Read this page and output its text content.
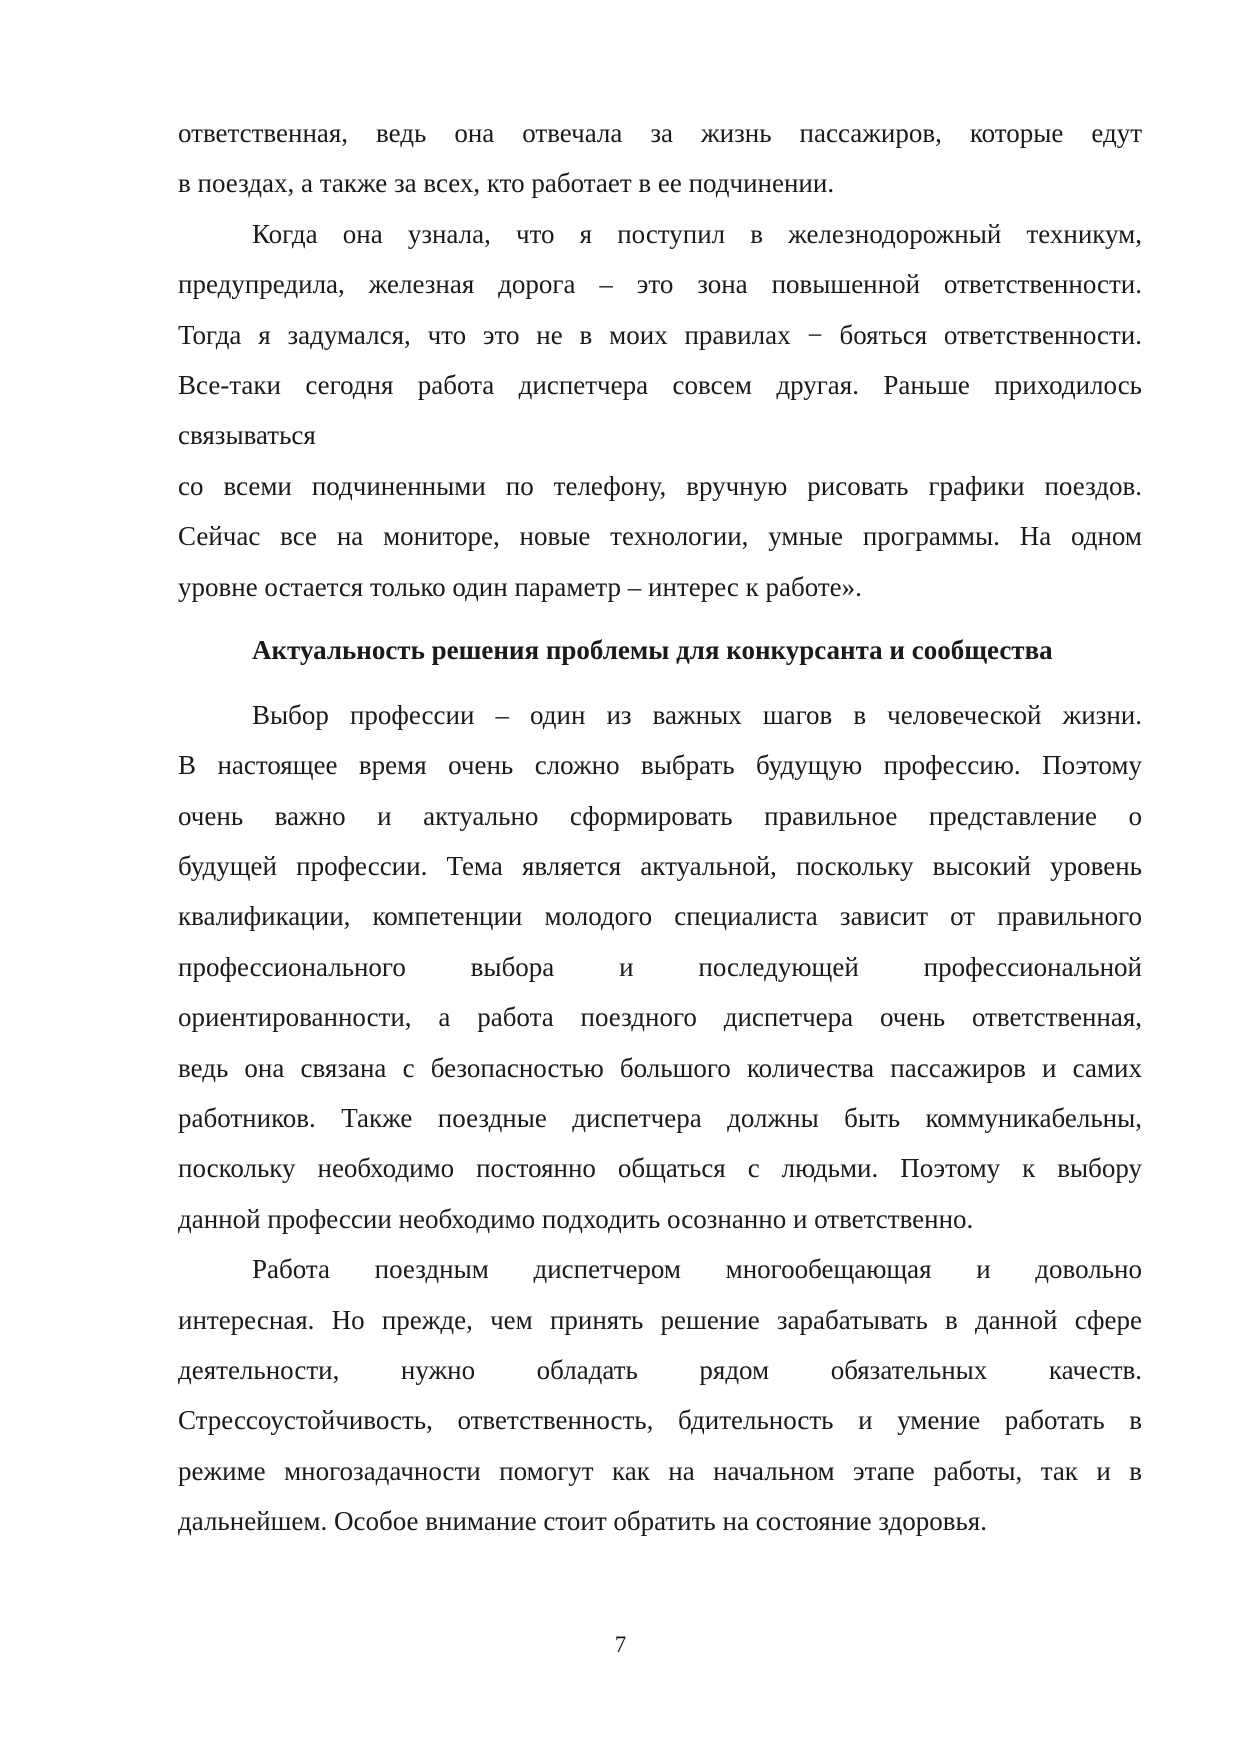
ответственная, ведь она отвечала за жизнь пассажиров, которые едут
в поездах, а также за всех, кто работает в ее подчинении.
Когда она узнала, что я поступил в железнодорожный техникум,
предупредила, железная дорога – это зона повышенной ответственности.
Тогда я задумался, что это не в моих правилах − бояться ответственности.
Все-таки сегодня работа диспетчера совсем другая. Раньше приходилось
связываться
со всеми подчиненными по телефону, вручную рисовать графики поездов.
Сейчас все на мониторе, новые технологии, умные программы. На одном
уровне остается только один параметр – интерес к работе».
Актуальность решения проблемы для конкурсанта и сообщества
Выбор профессии – один из важных шагов в человеческой жизни.
В настоящее время очень сложно выбрать будущую профессию. Поэтому
очень важно и актуально сформировать правильное представление о
будущей профессии. Тема является актуальной, поскольку высокий уровень
квалификации, компетенции молодого специалиста зависит от правильного
профессионального выбора и последующей профессиональной
ориентированности, а работа поездного диспетчера очень ответственная,
ведь она связана с безопасностью большого количества пассажиров и самих
работников. Также поездные диспетчера должны быть коммуникабельны,
поскольку необходимо постоянно общаться с людьми. Поэтому к выбору
данной профессии необходимо подходить осознанно и ответственно.
Работа поездным диспетчером многообещающая и довольно
интересная. Но прежде, чем принять решение зарабатывать в данной сфере
деятельности, нужно обладать рядом обязательных качеств.
Стрессоустойчивость, ответственность, бдительность и умение работать в
режиме многозадачности помогут как на начальном этапе работы, так и в
дальнейшем. Особое внимание стоит обратить на состояние здоровья.
7
